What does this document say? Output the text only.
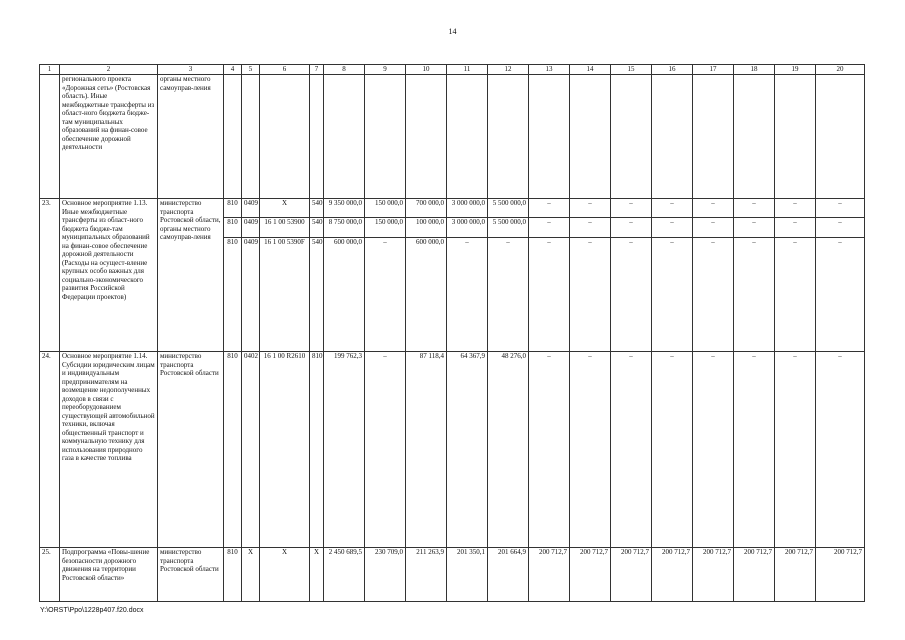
14
1	2	3	4	5	6	7	8	9	10	11	12	13	14	15	16	17	18	19	20
	регионального проекта «Дорожная сеть» (Ростовская область). Иные межбюджетные трансферты из област-ного бюджета бюдже-там муниципальных образований на финан-совое обеспечение дорожной деятельности	органы местного самоуправ-ления																	
23.	Основное мероприятие 1.13. Иные межбюджетные трансферты из област-ного бюджета бюдже-там муниципальных образований на финан-совое обеспечение дорожной деятельности (Расходы на осущест-вление крупных особо важных для социально-экономического развития Российской Федерации проектов)	министерство транспорта Ростовской области, органы местного самоуправ-ления	810	0409	Х	540	9 350 000,0	150 000,0	700 000,0	3 000 000,0	5 500 000,0	–	–	–	–	–	–	–	–
			810	0409	16 1 00 53900	540	8 750 000,0	150 000,0	100 000,0	3 000 000,0	5 500 000,0	–	–	–	–	–	–	–	–
			810	0409	16 1 00 5390F	540	600 000,0	–	600 000,0	–	–	–	–	–	–	–	–	–	–
24.	Основное мероприятие 1.14. Субсидии юридическим лицам и индивидуальным предпринимателям на возмещение недополученных доходов в связи с переоборудованием существующей автомобильной техники, включая общественный транспорт и коммунальную технику для использования природного газа в качестве топлива	министерство транспорта Ростовской области	810	0402	16 1 00 R2610	810	199 762,3	–	87 118,4	64 367,9	48 276,0	–	–	–	–	–	–	–	–
25.	Подпрограмма «Повы-шение безопасности дорожного движения на территории Ростовской области»	министерство транспорта Ростовской области	810	Х	Х	Х	2 450 689,5	230 709,0	211 263,9	201 350,1	201 664,9	200 712,7	200 712,7	200 712,7	200 712,7	200 712,7	200 712,7	200 712,7	200 712,7
Y:\ORST\Ppo\1228p407.f20.docx
